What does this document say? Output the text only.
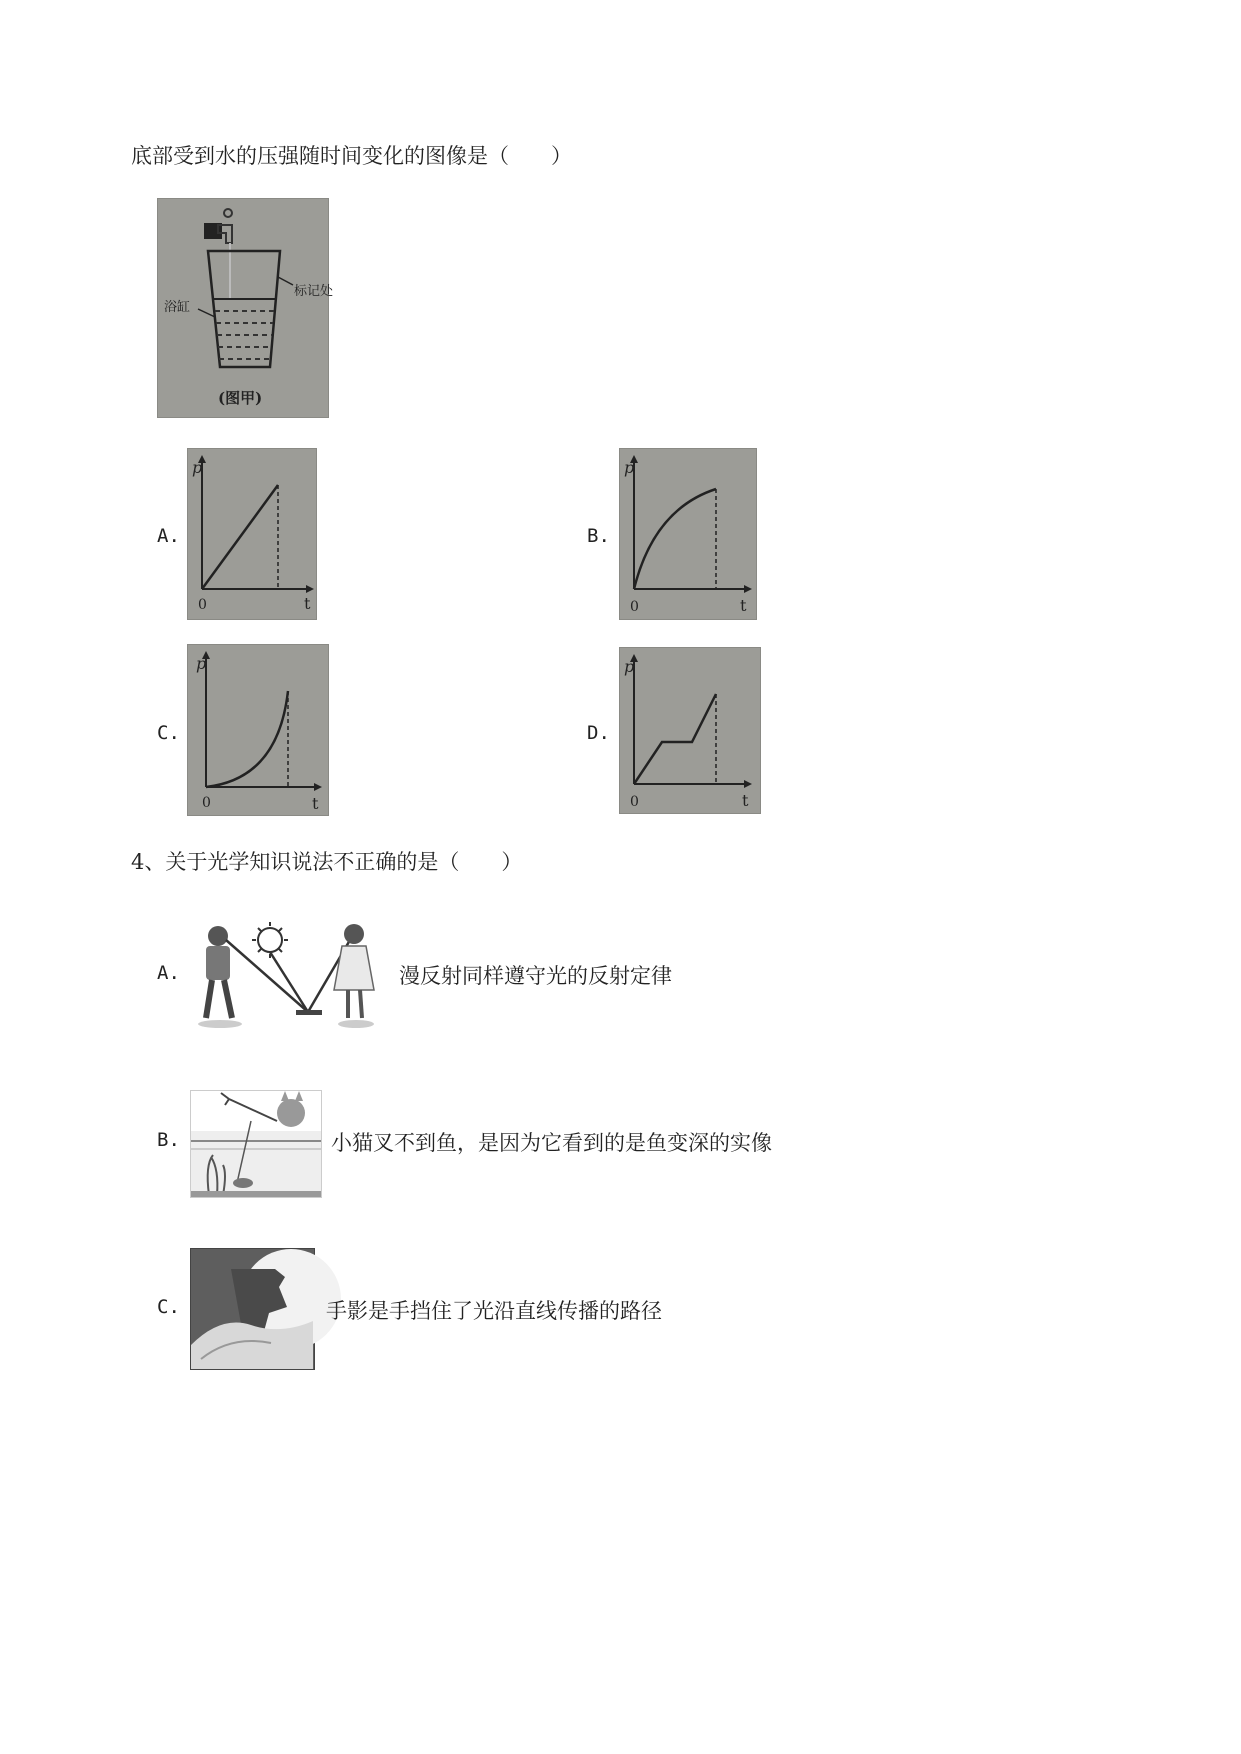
底部受到水的压强随时间变化的图像是（　　）
标记处
浴缸
(图甲)
A.
p
t
0
B.
p
t
0
C.
p
t
0
D.
p
t
0
4、关于光学知识说法不正确的是（　　）
A.	漫反射同样遵守光的反射定律
B.	小猫叉不到鱼，是因为它看到的是鱼变深的实像
C.	手影是手挡住了光沿直线传播的路径
